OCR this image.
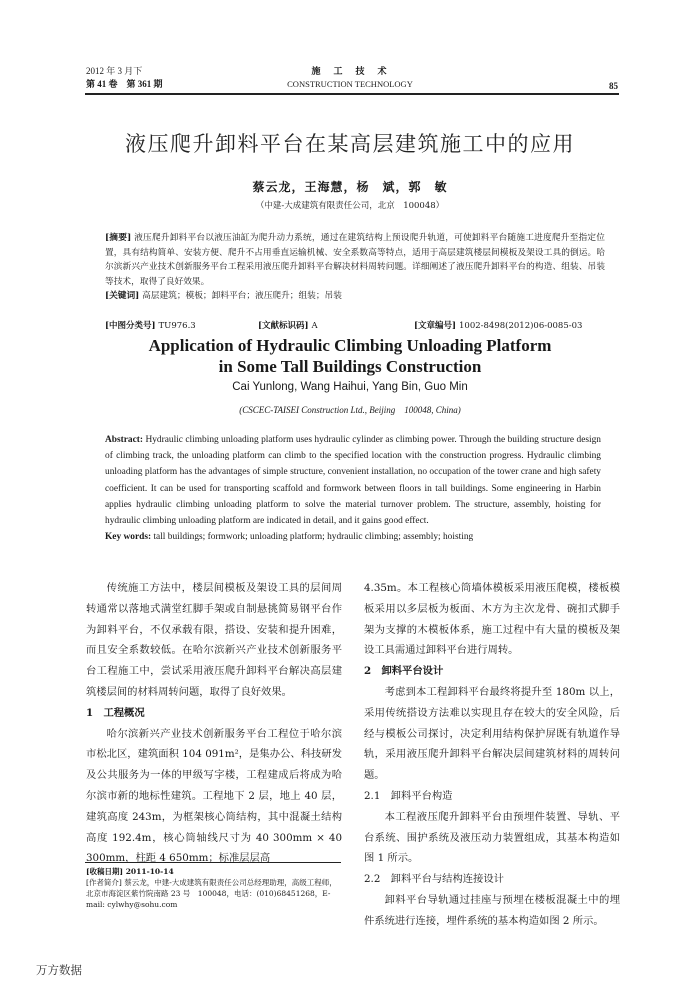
2012 年 3 月下
第 41 卷　第 361 期
施　工　技　术
CONSTRUCTION TECHNOLOGY	85
液压爬升卸料平台在某高层建筑施工中的应用
蔡云龙，王海慧，杨　斌，郭　敏
（中建-大成建筑有限责任公司，北京　100048）
[摘要] 液压爬升卸料平台以液压油缸为爬升动力系统，通过在建筑结构上预设爬升轨道，可使卸料平台随施工进度爬升至指定位置，具有结构简单、安装方便、爬升不占用垂直运输机械、安全系数高等特点，适用于高层建筑楼层间模板及架设工具的倒运。哈尔滨新兴产业技术创新服务平台工程采用液压爬升卸料平台解决材料周转问题。详细阐述了液压爬升卸料平台的构造、组装、吊装等技术，取得了良好效果。
[关键词] 高层建筑；模板；卸料平台；液压爬升；组装；吊装
[中图分类号] TU976.3	[文献标识码] A	[文章编号] 1002-8498(2012)06-0085-03
Application of Hydraulic Climbing Unloading Platform
in Some Tall Buildings Construction
Cai Yunlong, Wang Haihui, Yang Bin, Guo Min
(CSCEC-TAISEI Construction Ltd., Beijing　100048, China)
Abstract: Hydraulic climbing unloading platform uses hydraulic cylinder as climbing power. Through the building structure design of climbing track, the unloading platform can climb to the specified location with the construction progress. Hydraulic climbing unloading platform has the advantages of simple structure, convenient installation, no occupation of the tower crane and high safety coefficient. It can be used for transporting scaffold and formwork between floors in tall buildings. Some engineering in Harbin applies hydraulic climbing unloading platform to solve the material turnover problem. The structure, assembly, hoisting for hydraulic climbing unloading platform are indicated in detail, and it gains good effect.
Key words: tall buildings; formwork; unloading platform; hydraulic climbing; assembly; hoisting

传统施工方法中，楼层间模板及架设工具的层间周转通常以落地式满堂红脚手架或自制悬挑简易钢平台作为卸料平台，不仅承载有限，搭设、安装和提升困难，而且安全系数较低。在哈尔滨新兴产业技术创新服务平台工程施工中，尝试采用液压爬升卸料平台解决高层建筑楼层间的材料周转问题，取得了良好效果。

1　工程概况

哈尔滨新兴产业技术创新服务平台工程位于哈尔滨市松北区，建筑面积 104 091m²，是集办公、科技研发及公共服务为一体的甲级写字楼，工程建成后将成为哈尔滨市新的地标性建筑。工程地下 2 层，地上 40 层，建筑高度 243m，为框架核心筒结构，其中混凝土结构高度 192.4m，核心筒轴线尺寸为 40 300mm × 40 300mm，柱距 4 650mm；标准层层高

[收稿日期] 2011-10-14
[作者简介] 蔡云龙，中建-大成建筑有限责任公司总经理助理，高级工程师，北京市海淀区紫竹院南路 23 号　100048，电话：(010)68451268，E-mail: cylwhy@sohu.com

4.35m。本工程核心筒墙体模板采用液压爬模，楼板模板采用以多层板为板面、木方为主次龙骨、碗扣式脚手架为支撑的木模板体系，施工过程中有大量的模板及架设工具需通过卸料平台进行周转。

2　卸料平台设计

考虑到本工程卸料平台最终将提升至 180m 以上，采用传统搭设方法难以实现且存在较大的安全风险，后经与模板公司探讨，决定利用结构保护屏既有轨道作导轨，采用液压爬升卸料平台解决层间建筑材料的周转问题。

2.1　卸料平台构造

本工程液压爬升卸料平台由预埋件装置、导轨、平台系统、围护系统及液压动力装置组成，其基本构造如图 1 所示。

2.2　卸料平台与结构连接设计

卸料平台导轨通过挂座与预埋在楼板混凝土中的埋件系统进行连接，埋件系统的基本构造如图 2 所示。

万方数据
